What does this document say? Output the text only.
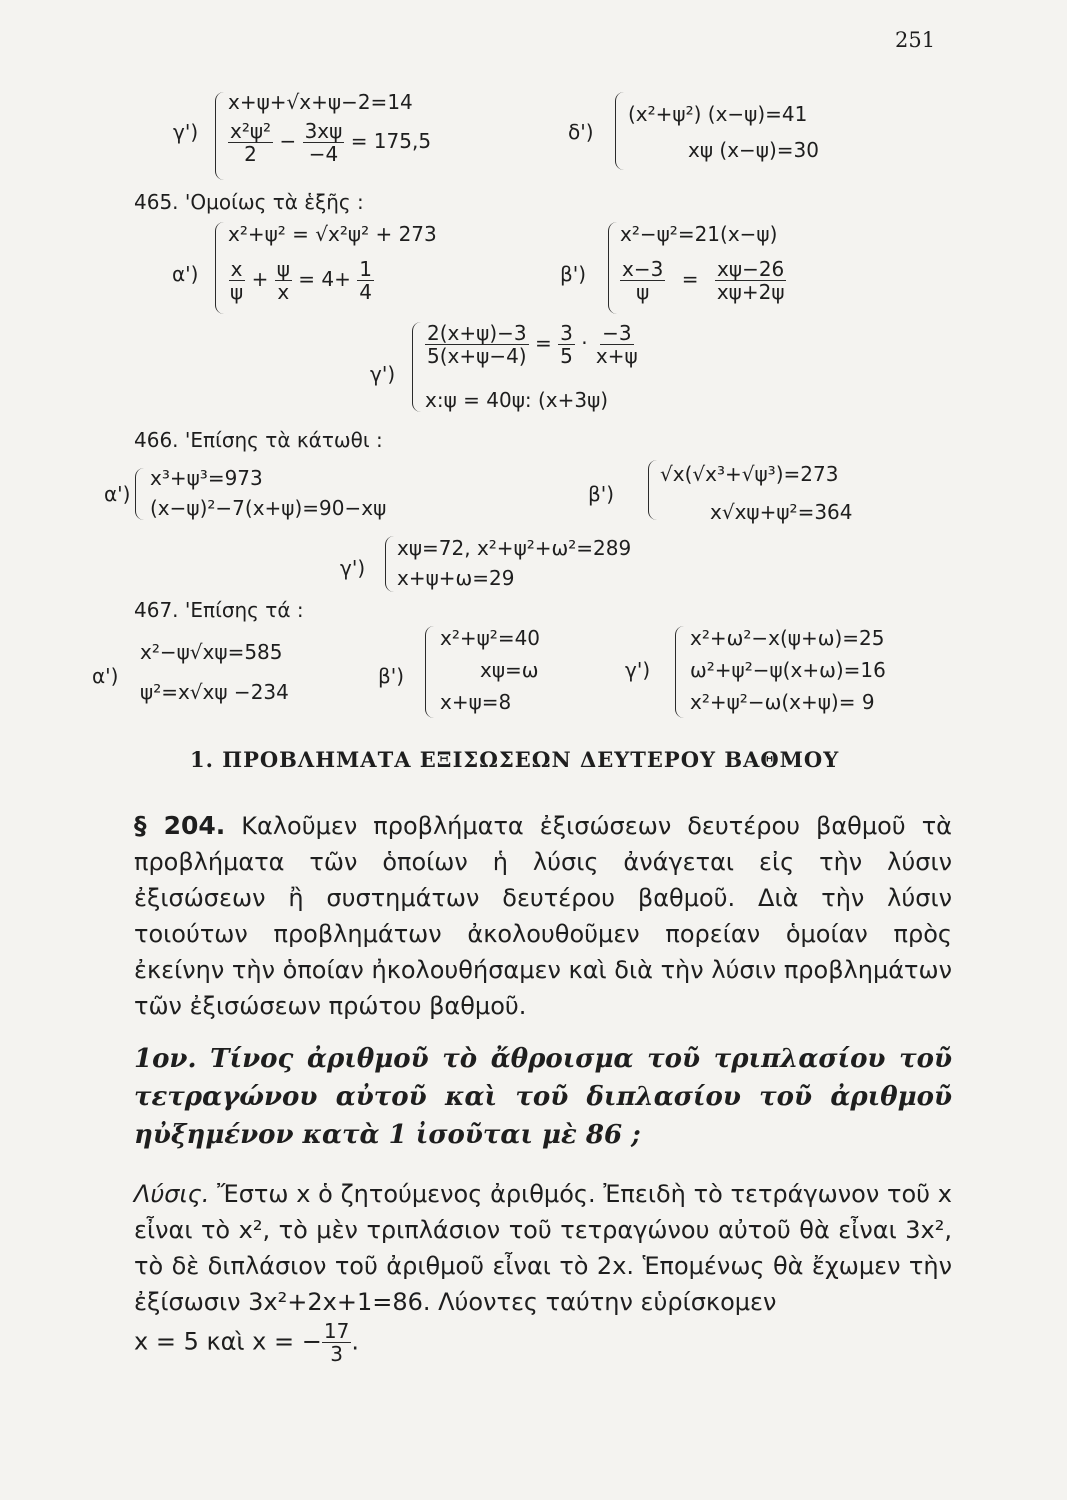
251
γ')
x+ψ+√x+ψ−2=14
$\frac{\text{x²ψ²}}{2} - \frac{3x\psi}{-4} = 175,5$	δ')
(x²+ψ²) (x−ψ)=41
xψ (x−ψ)=30
465. 'Ομοίως τὰ ἑξῆς :
α')
x²+ψ² = √x²ψ² + 273
$\frac{x}{\psi} + \frac{\psi}{x} = 4+ \frac{1}{4}$	β')
x²−ψ²=21(x−ψ)
$\frac{x-3}{\psi} = \frac{x\psi-26}{x\psi+2\psi}$
γ')
$\frac{2(x+\psi)-3}{5(x+\psi-4)} = \frac{3}{5} \cdot \frac{-3}{x+\psi}$
x:ψ = 40ψ: (x+3ψ)
466. 'Επίσης τὰ κάτωθι :
α')
x³+ψ³=973
(x−ψ)²−7(x+ψ)=90−xψ
β')
√x(√x³+√ψ³)=273
x√xψ+ψ²=364
γ')
xψ=72, x²+ψ²+ω²=289
x+ψ+ω=29
467. 'Επίσης τά :
α')
x²−ψ√xψ=585
ψ²=x√xψ −234
β')
x²+ψ²=40
xψ=ω
x+ψ=8
γ')
x²+ω²−x(ψ+ω)=25
ω²+ψ²−ψ(x+ω)=16
x²+ψ²−ω(x+ψ)= 9
1. ΠΡΟΒΛΗΜΑΤΑ ΕΞΙΣΩΣΕΩΝ ΔΕΥΤΕΡΟΥ ΒΑΘΜΟΥ
§ 204. Καλοῦμεν προβλήματα ἐξισώσεων δευτέρου βαθμοῦ τὰ προβλήματα τῶν ὁποίων ἡ λύσις ἀνάγεται εἰς τὴν λύσιν ἐξισώσεων ἢ συστημάτων δευτέρου βαθμοῦ. Διὰ τὴν λύσιν τοιούτων προβλημάτων ἀκολουθοῦμεν πορείαν ὁμοίαν πρὸς ἐκείνην τὴν ὁποίαν ἠκολουθήσαμεν καὶ διὰ τὴν λύσιν προβλημάτων τῶν ἐξισώσεων πρώτου βαθμοῦ.
1ον. Τίνος ἀριθμοῦ τὸ ἄθροισμα τοῦ τριπλασίου τοῦ τετραγώνου αὐτοῦ καὶ τοῦ διπλασίου τοῦ ἀριθμοῦ ηὐξημένον κατὰ 1 ἰσοῦται μὲ 86 ;
Λύσις. Ἔστω x ὁ ζητούμενος ἀριθμός. Ἐπειδὴ τὸ τετράγωνον τοῦ x εἶναι τὸ x², τὸ μὲν τριπλάσιον τοῦ τετραγώνου αὐτοῦ θὰ εἶναι 3x², τὸ δὲ διπλάσιον τοῦ ἀριθμοῦ εἶναι τὸ 2x. Ἑπομένως θὰ ἔχωμεν τὴν ἐξίσωσιν 3x²+2x+1=86. Λύοντες ταύτην εὑρίσκομεν
x = 5 καὶ x = − $\frac{17}{3}$ .
